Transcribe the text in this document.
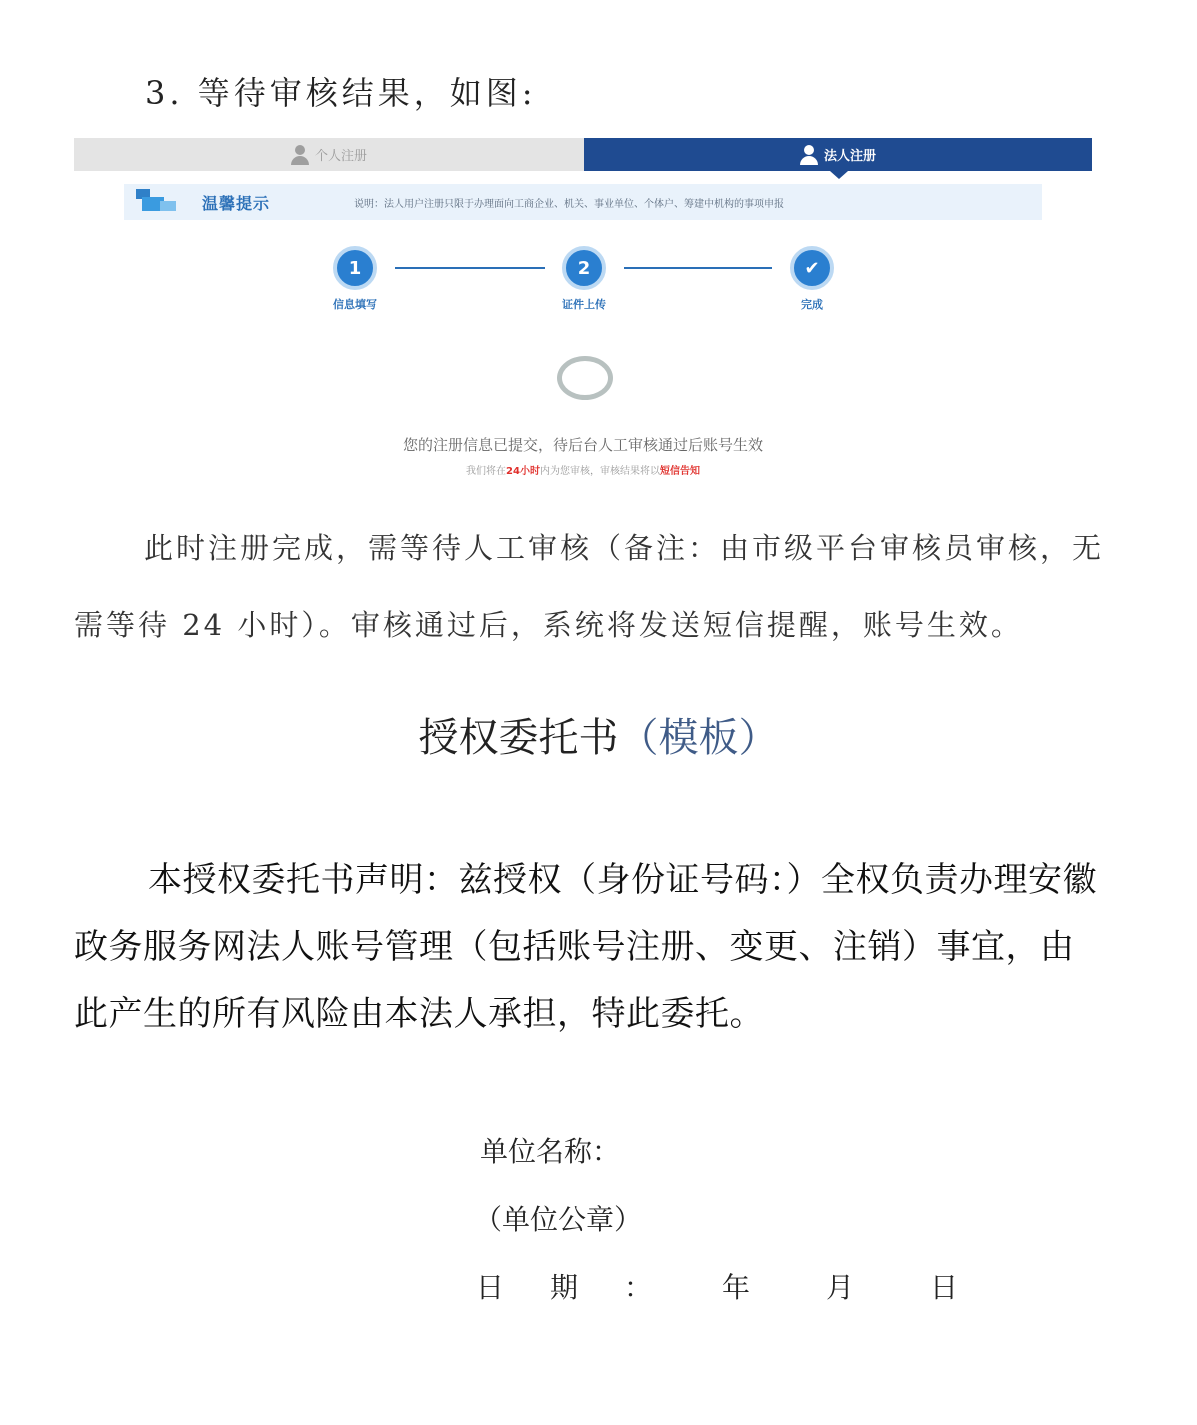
3. 等待审核结果，如图:
个人注册	法人注册
温馨提示	说明：法人用户注册只限于办理面向工商企业、机关、事业单位、个体户、筹建中机构的事项申报
1
信息填写
2
证件上传
✔
完成
您的注册信息已提交，待后台人工审核通过后账号生效
我们将在24小时内为您审核，审核结果将以短信告知
此时注册完成，需等待人工审核（备注：由市级平台审核员审核，无需等待 24 小时）。审核通过后，系统将发送短信提醒，账号生效。
授权委托书（模板）
本授权委托书声明：兹授权（身份证号码：）全权负责办理安徽政务服务网法人账号管理（包括账号注册、变更、注销）事宜，由此产生的所有风险由本法人承担，特此委托。
单位名称：
（单位公章）
日期： 年	月	日
